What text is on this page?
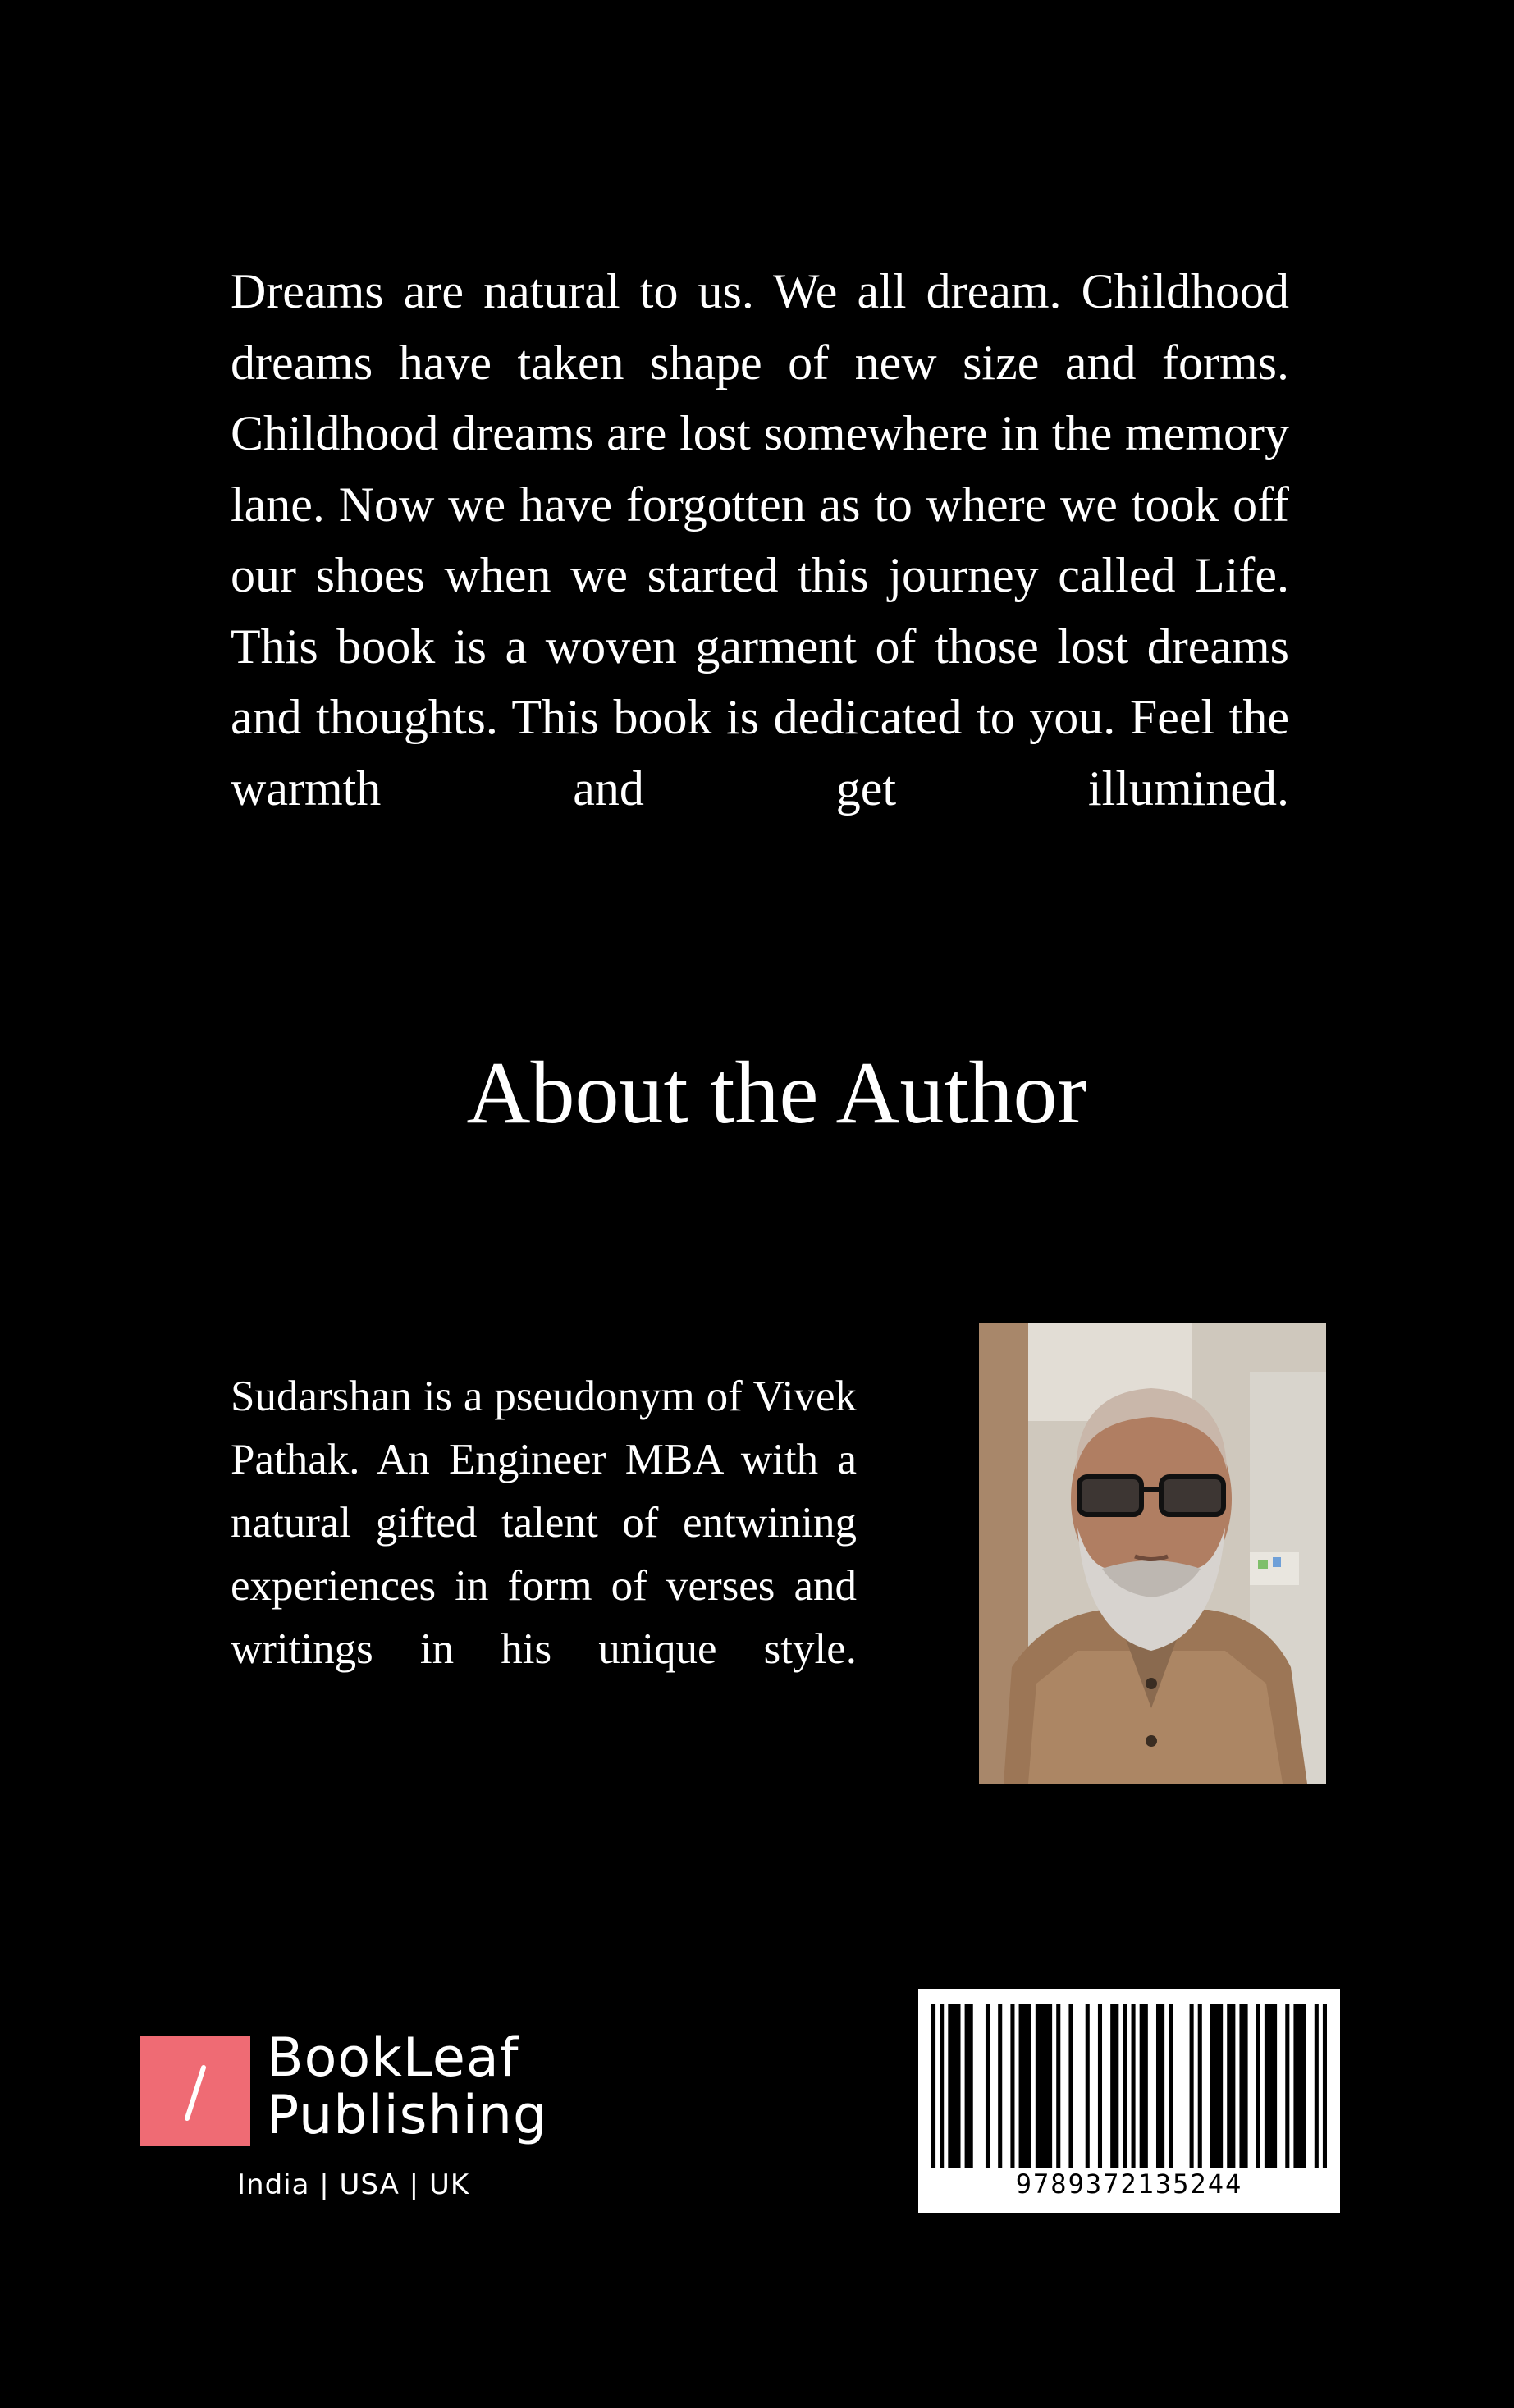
Dreams are natural to us. We all dream. Childhood dreams have taken shape of new size and forms. Childhood dreams are lost somewhere in the memory lane. Now we have forgotten as to where we took off our shoes when we started this journey called Life. This book is a woven garment of those lost dreams and thoughts. This book is dedicated to you. Feel the warmth and get illumined.

About the Author

Sudarshan is a pseudonym of Vivek Pathak. An Engineer MBA with a natural gifted talent of entwining experiences in form of verses and writings in his unique style.

BookLeaf
Publishing
India | USA | UK	9789372135244
